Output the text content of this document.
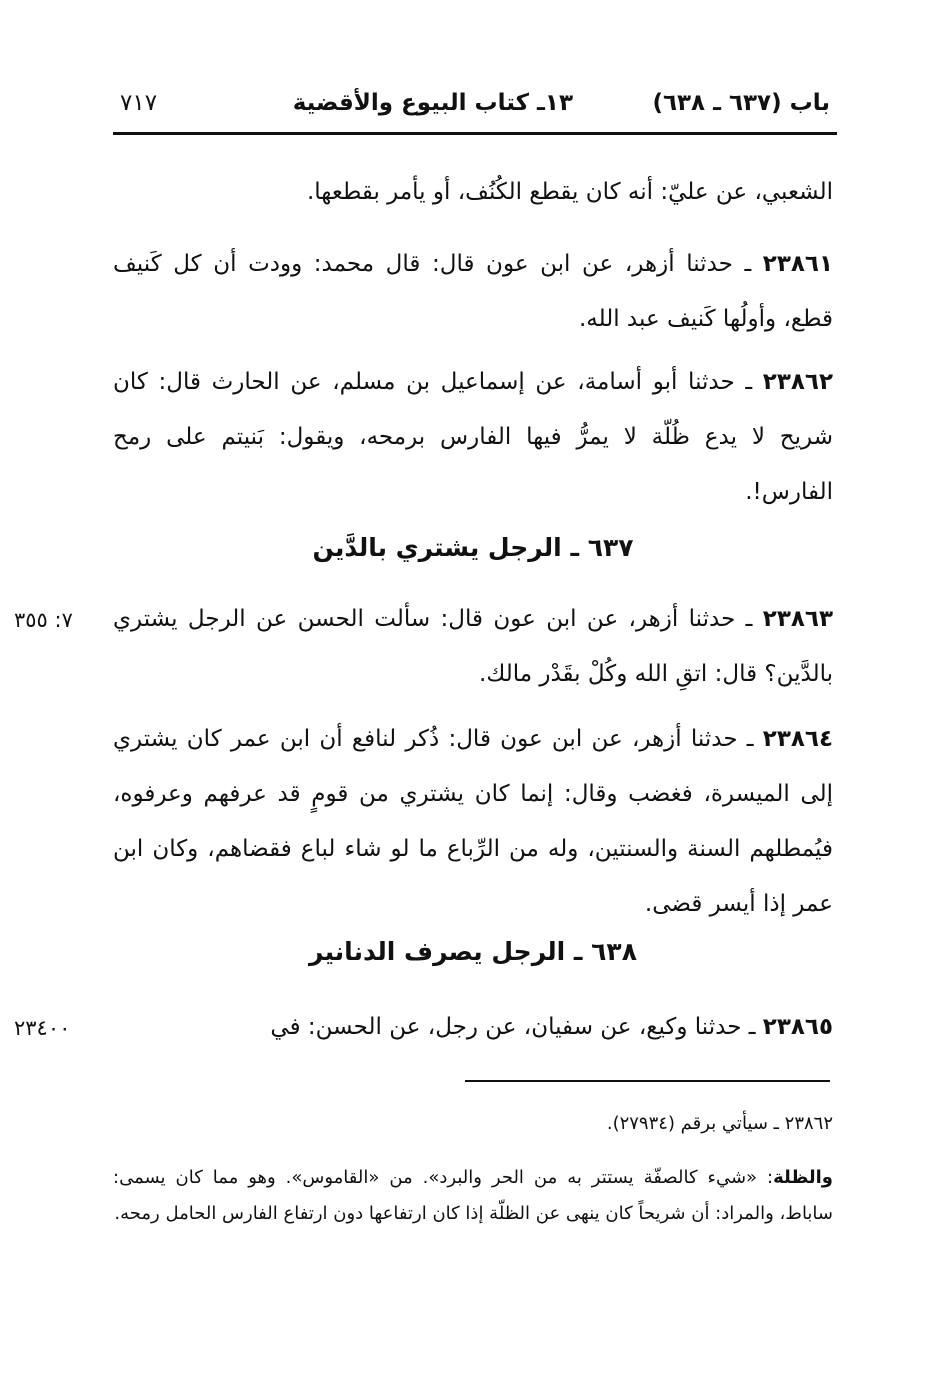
باب (٦٣٧ ـ ٦٣٨)
١٣ـ كتاب البيوع والأقضية
٧١٧
الشعبي، عن عليّ: أنه كان يقطع الكُنُف، أو يأمر بقطعها.
٢٣٨٦١ ـ حدثنا أزهر، عن ابن عون قال: قال محمد: وودت أن كل كَنيف قطع، وأولُها كَنيف عبد الله.
٢٣٨٦٢ ـ حدثنا أبو أسامة، عن إسماعيل بن مسلم، عن الحارث قال: كان شريح لا يدع ظُلّة لا يمرُّ فيها الفارس برمحه، ويقول: بَنيتم على رمح الفارس!.
٦٣٧ ـ الرجل يشتري بالدَّين
٧: ٣٥٥	٢٣٨٦٣ ـ حدثنا أزهر، عن ابن عون قال: سألت الحسن عن الرجل يشتري بالدَّين؟ قال: اتقِ الله وكُلْ بقَدْر مالك.
٢٣٨٦٤ ـ حدثنا أزهر، عن ابن عون قال: ذُكر لنافع أن ابن عمر كان يشتري إلى الميسرة، فغضب وقال: إنما كان يشتري من قومٍ قد عرفهم وعرفوه، فيُمطلهم السنة والسنتين، وله من الرِّباع ما لو شاء لباع فقضاهم، وكان ابن عمر إذا أيسر قضى.
٦٣٨ ـ الرجل يصرف الدنانير
٢٣٤٠٠	٢٣٨٦٥ ـ حدثنا وكيع، عن سفيان، عن رجل، عن الحسن: في
٢٣٨٦٢ ـ سيأتي برقم (٢٧٩٣٤).
والظلة: «شيء كالصفّة يستتر به من الحر والبرد». من «القاموس». وهو مما كان يسمى: ساباط، والمراد: أن شريحاً كان ينهى عن الظلّة إذا كان ارتفاعها دون ارتفاع الفارس الحامل رمحه.
